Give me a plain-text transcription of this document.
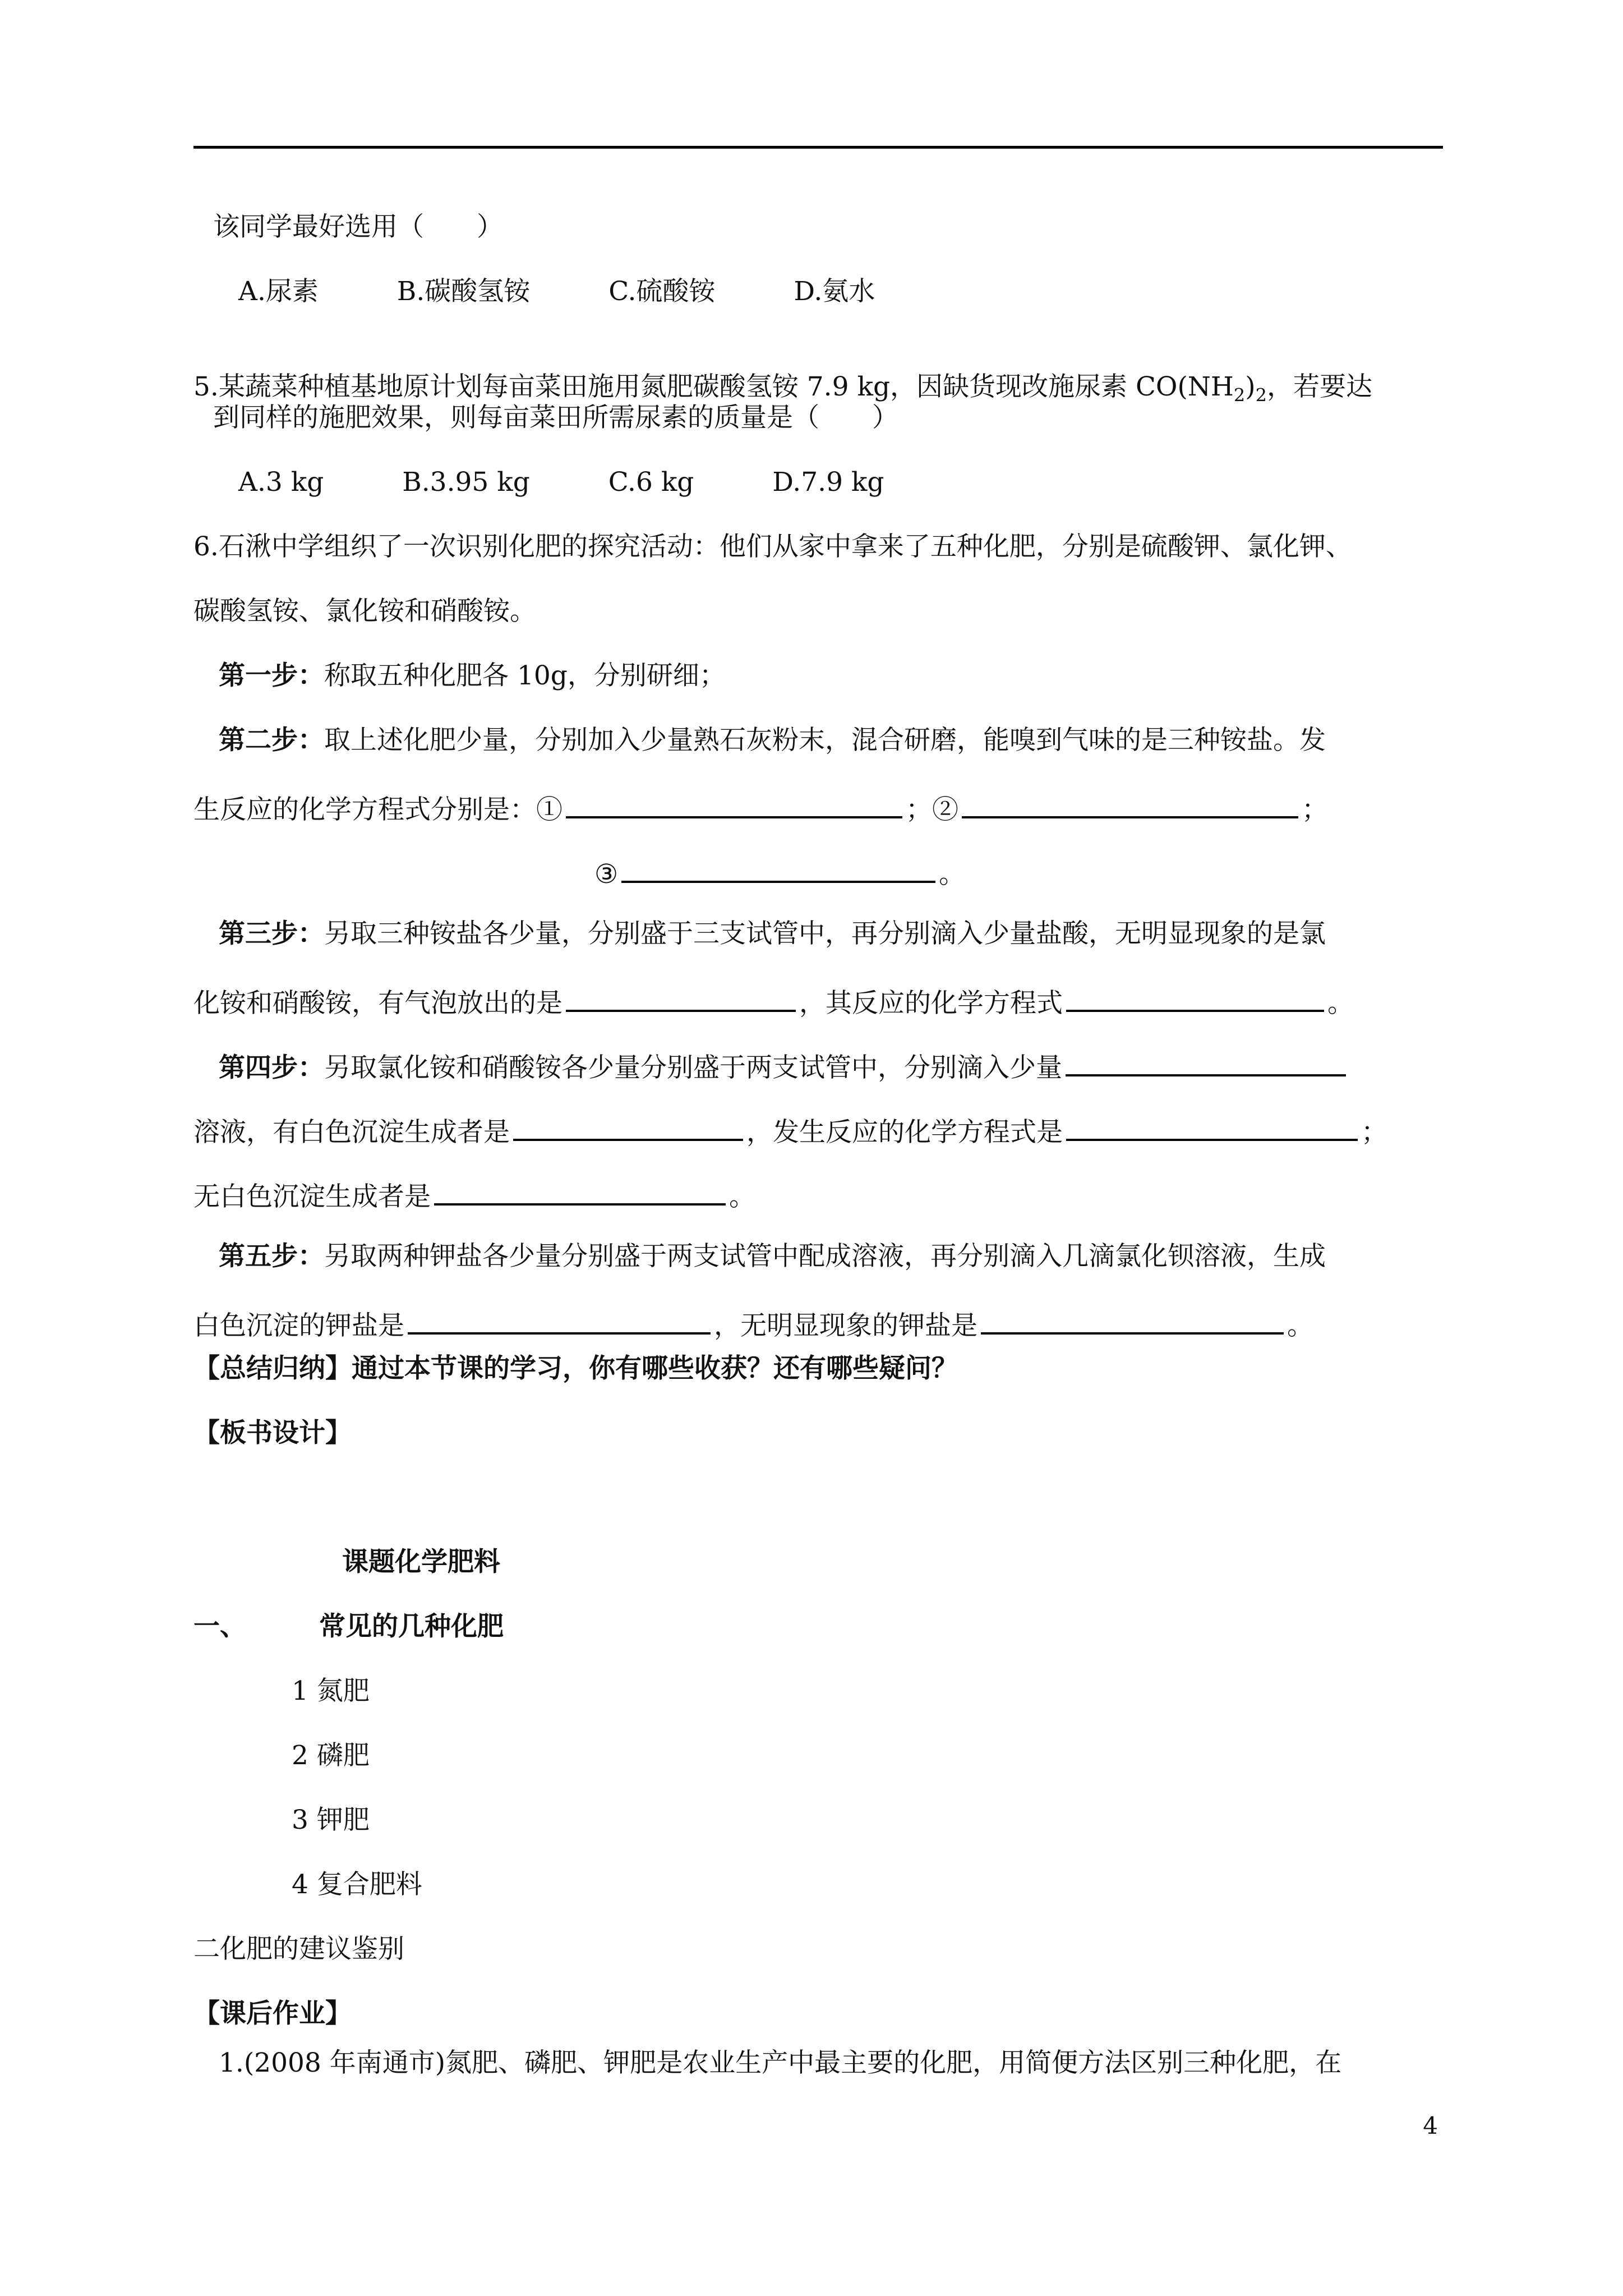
该同学最好选用（　　）
A.尿素	B.碳酸氢铵	C.硫酸铵	D.氨水
5.某蔬菜种植基地原计划每亩菜田施用氮肥碳酸氢铵 7.9 kg，因缺货现改施尿素 $CO(NH_2)_2$，若要达
到同样的施肥效果，则每亩菜田所需尿素的质量是（　　）
A.3 kg	B.3.95 kg	C.6 kg	D.7.9 kg
6.石湫中学组织了一次识别化肥的探究活动：他们从家中拿来了五种化肥，分别是硫酸钾、氯化钾、
碳酸氢铵、氯化铵和硝酸铵。
第一步：称取五种化肥各 10g，分别研细；
第二步：取上述化肥少量，分别加入少量熟石灰粉末，混合研磨，能嗅到气味的是三种铵盐。发
生反应的化学方程式分别是：①	；②	；
③	。
第三步：另取三种铵盐各少量，分别盛于三支试管中，再分别滴入少量盐酸，无明显现象的是氯
化铵和硝酸铵，有气泡放出的是	，其反应的化学方程式	。
第四步：另取氯化铵和硝酸铵各少量分别盛于两支试管中，分别滴入少量
溶液，有白色沉淀生成者是	，发生反应的化学方程式是	；
无白色沉淀生成者是	。
第五步：另取两种钾盐各少量分别盛于两支试管中配成溶液，再分别滴入几滴氯化钡溶液，生成
白色沉淀的钾盐是	，无明显现象的钾盐是	。
【总结归纳】通过本节课的学习，你有哪些收获？还有哪些疑问？
【板书设计】
课题化学肥料
一、	常见的几种化肥
1 氮肥
2 磷肥
3 钾肥
4 复合肥料
二化肥的建议鉴别
【课后作业】
1.(2008 年南通市)氮肥、磷肥、钾肥是农业生产中最主要的化肥，用简便方法区别三种化肥，在
4
